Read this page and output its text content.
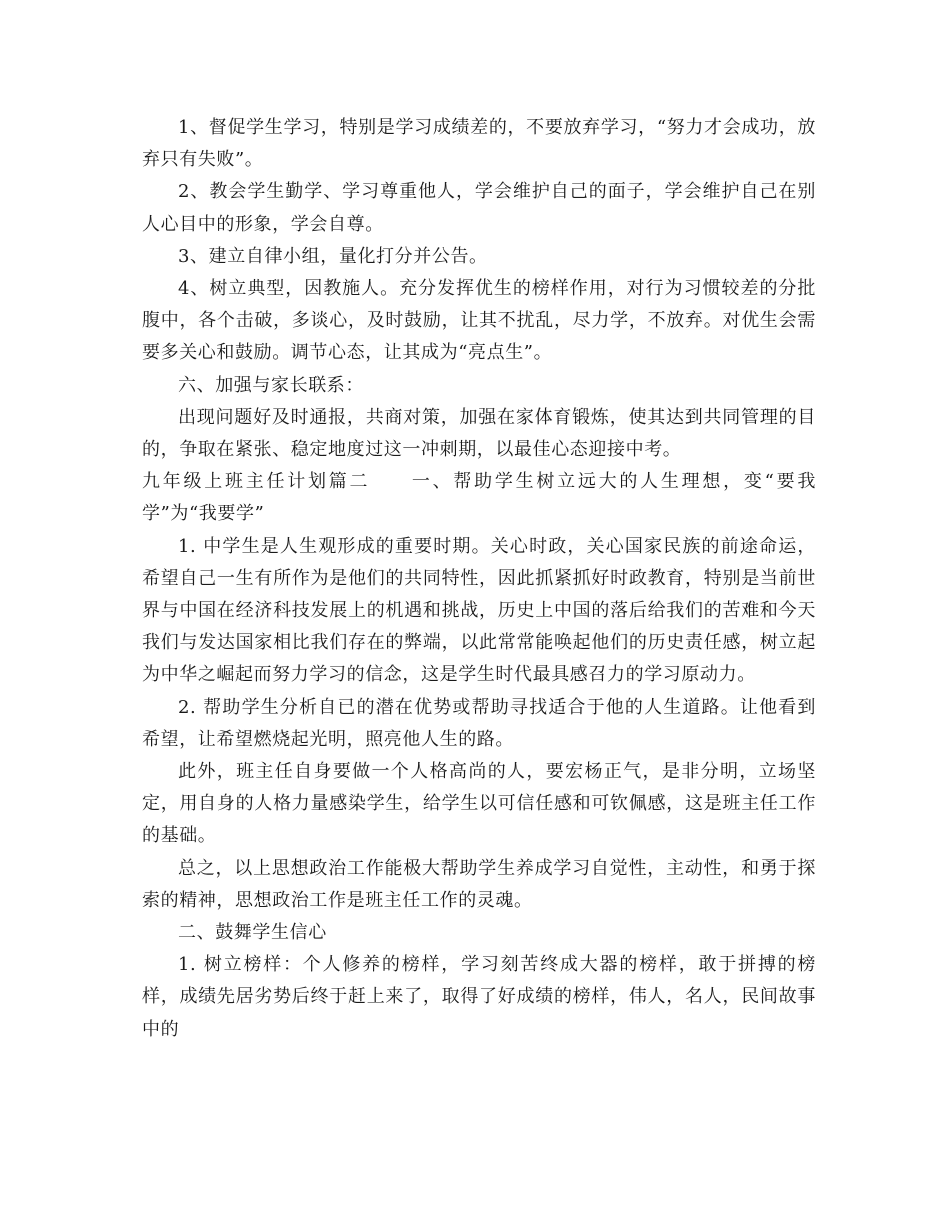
1、督促学生学习，特别是学习成绩差的，不要放弃学习，“努力才会成功，放弃只有失败”。

2、教会学生勤学、学习尊重他人，学会维护自己的面子，学会维护自己在别人心目中的形象，学会自尊。

3、建立自律小组，量化打分并公告。

4、树立典型，因教施人。充分发挥优生的榜样作用，对行为习惯较差的分批腹中，各个击破，多谈心，及时鼓励，让其不扰乱，尽力学，不放弃。对优生会需要多关心和鼓励。调节心态，让其成为“亮点生”。

六、加强与家长联系：

出现问题好及时通报，共商对策，加强在家体育锻炼，使其达到共同管理的目的，争取在紧张、稳定地度过这一冲刺期，以最佳心态迎接中考。

九年级上班主任计划篇二　　一、帮助学生树立远大的人生理想，变“要我学”为“我要学”

1. 中学生是人生观形成的重要时期。关心时政，关心国家民族的前途命运，希望自己一生有所作为是他们的共同特性，因此抓紧抓好时政教育，特别是当前世界与中国在经济科技发展上的机遇和挑战，历史上中国的落后给我们的苦难和今天我们与发达国家相比我们存在的弊端，以此常常能唤起他们的历史责任感，树立起为中华之崛起而努力学习的信念，这是学生时代最具感召力的学习原动力。

2. 帮助学生分析自已的潜在优势或帮助寻找适合于他的人生道路。让他看到希望，让希望燃烧起光明，照亮他人生的路。

此外，班主任自身要做一个人格高尚的人，要宏杨正气，是非分明，立场坚定，用自身的人格力量感染学生，给学生以可信任感和可钦佩感，这是班主任工作的基础。

总之，以上思想政治工作能极大帮助学生养成学习自觉性，主动性，和勇于探索的精神，思想政治工作是班主任工作的灵魂。

二、鼓舞学生信心

1. 树立榜样：个人修养的榜样，学习刻苦终成大器的榜样，敢于拼搏的榜样，成绩先居劣势后终于赶上来了，取得了好成绩的榜样，伟人，名人，民间故事中的
